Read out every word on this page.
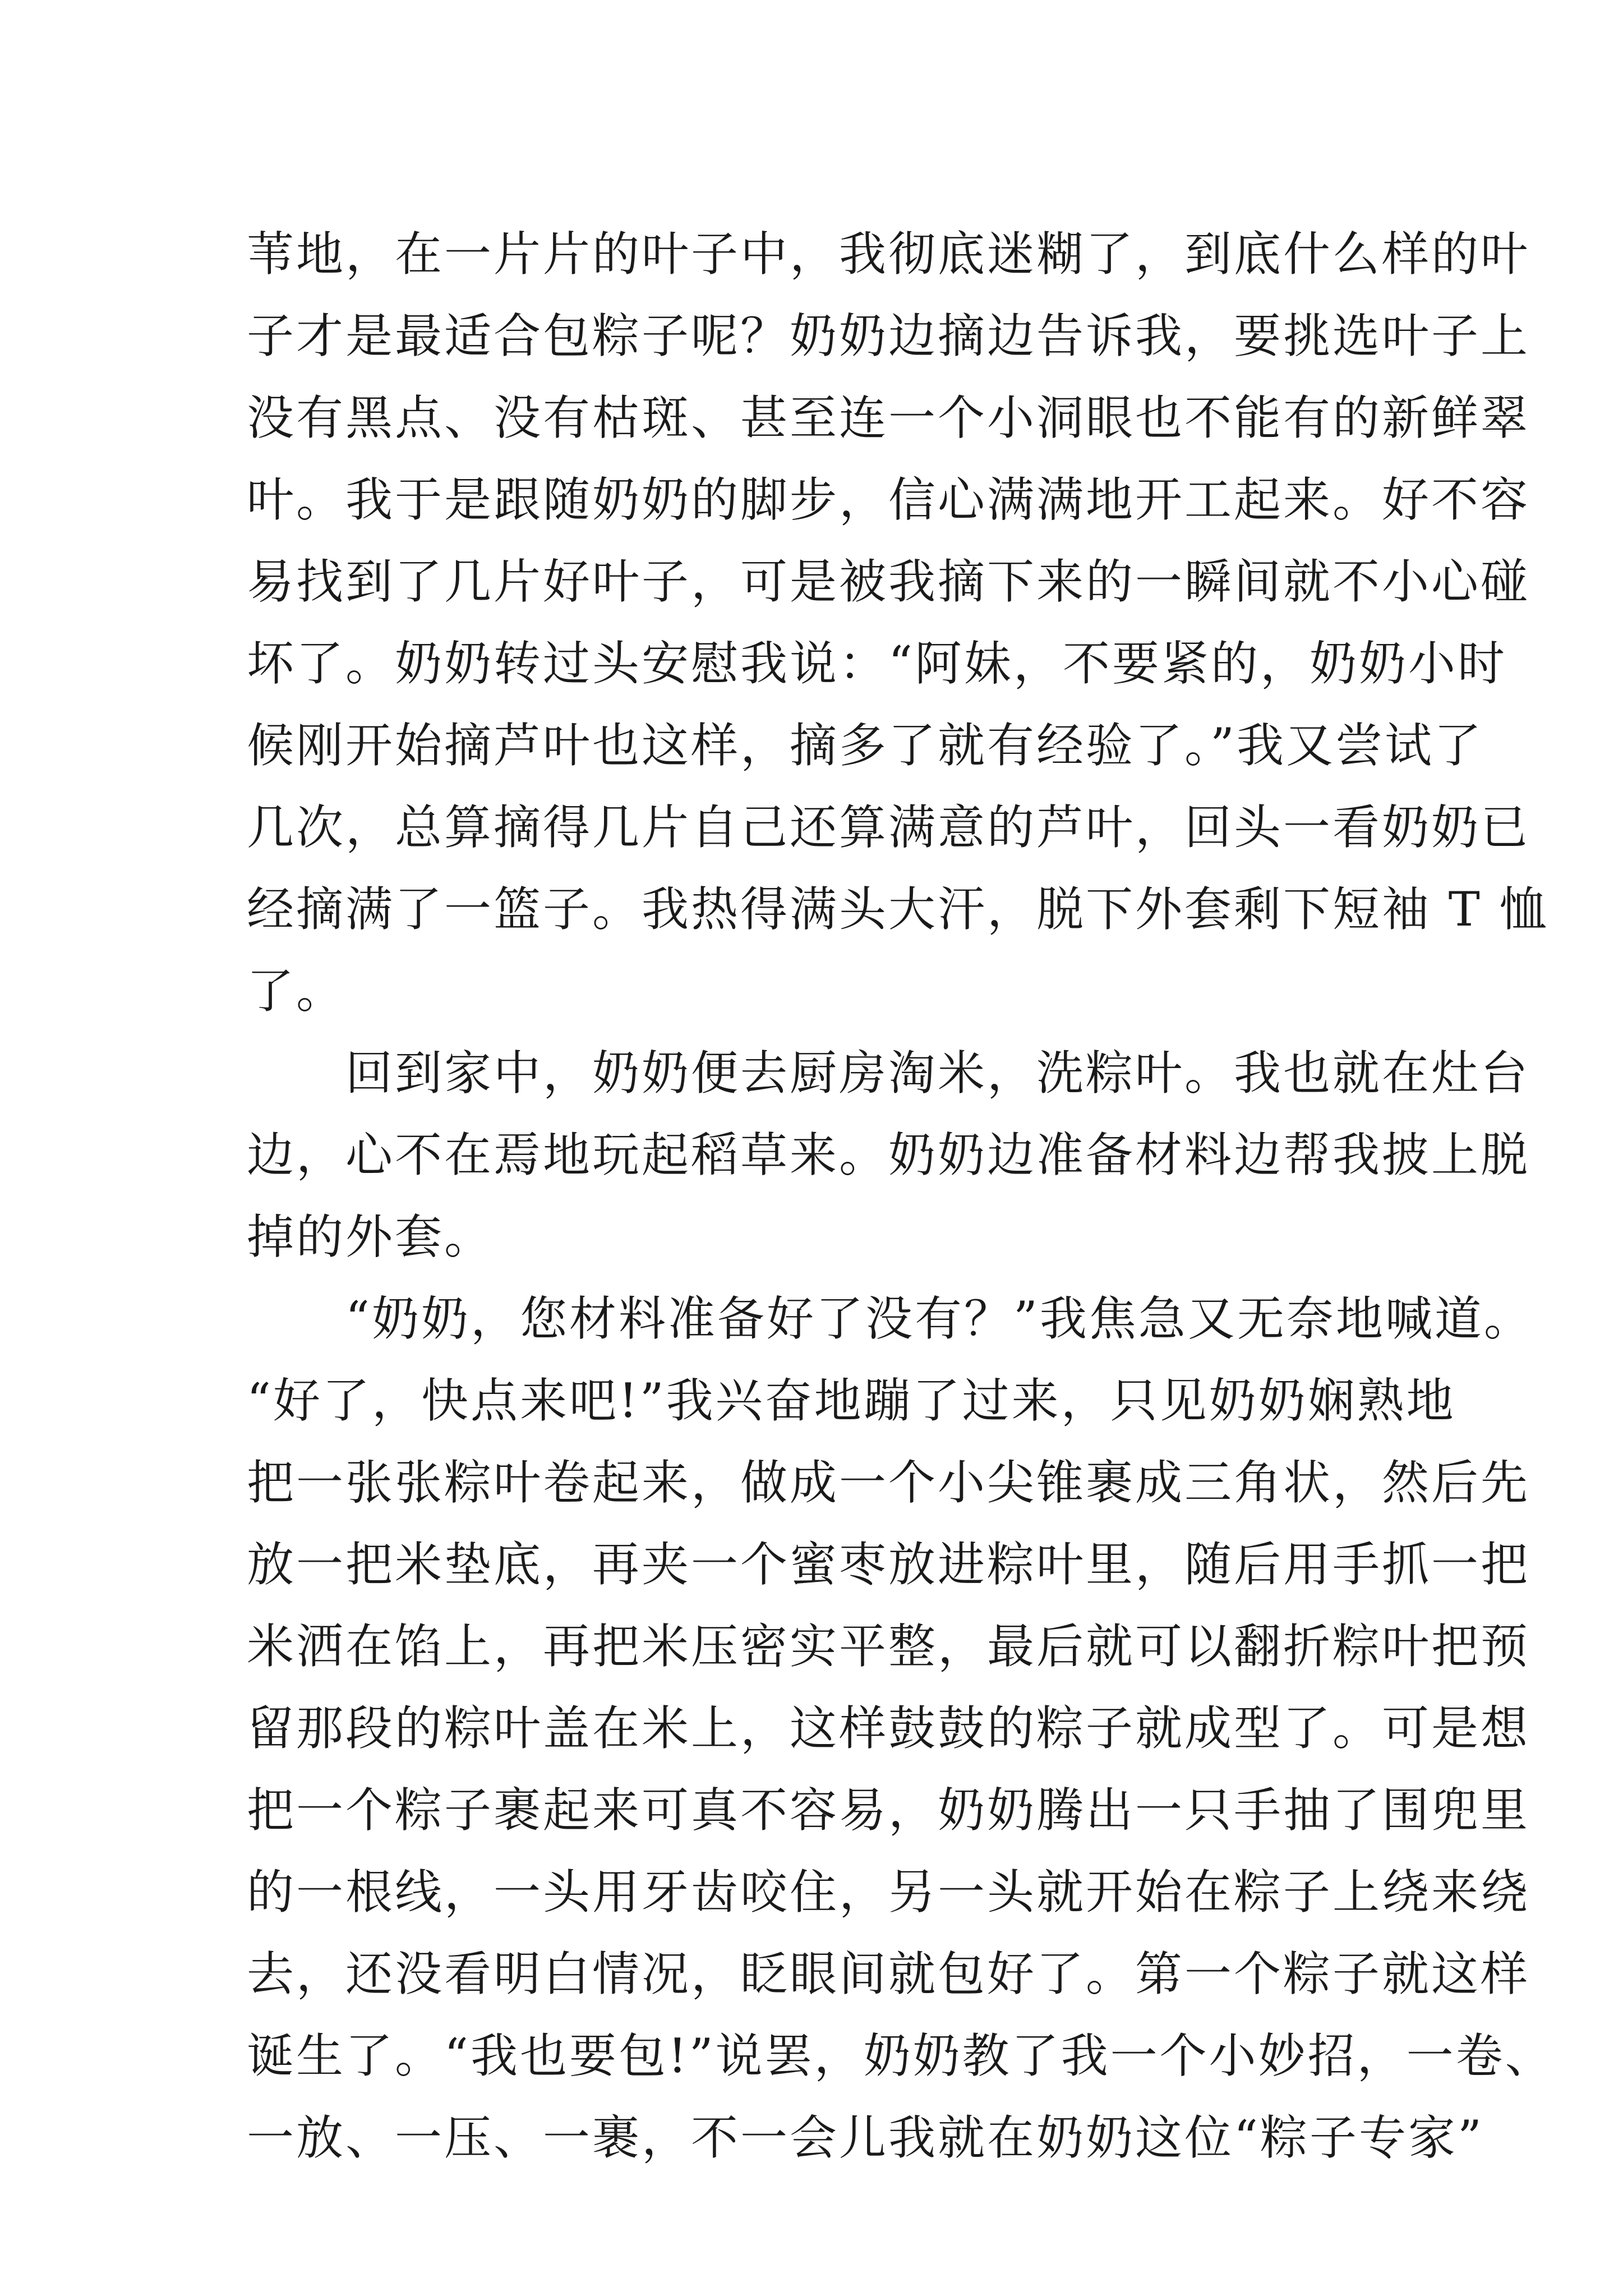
苇地，在一片片的叶子中，我彻底迷糊了，到底什么样的叶
子才是最适合包粽子呢？奶奶边摘边告诉我，要挑选叶子上
没有黑点、没有枯斑、甚至连一个小洞眼也不能有的新鲜翠
叶。我于是跟随奶奶的脚步，信心满满地开工起来。好不容
易找到了几片好叶子，可是被我摘下来的一瞬间就不小心碰
坏了。奶奶转过头安慰我说：“阿妹，不要紧的，奶奶小时
候刚开始摘芦叶也这样，摘多了就有经验了。”我又尝试了
几次，总算摘得几片自己还算满意的芦叶，回头一看奶奶已
经摘满了一篮子。我热得满头大汗，脱下外套剩下短袖 T 恤
了。
　　回到家中，奶奶便去厨房淘米，洗粽叶。我也就在灶台
边，心不在焉地玩起稻草来。奶奶边准备材料边帮我披上脱
掉的外套。
　　“奶奶，您材料准备好了没有？”我焦急又无奈地喊道。
“好了，快点来吧!”我兴奋地蹦了过来，只见奶奶娴熟地
把一张张粽叶卷起来，做成一个小尖锥裹成三角状，然后先
放一把米垫底，再夹一个蜜枣放进粽叶里，随后用手抓一把
米洒在馅上，再把米压密实平整，最后就可以翻折粽叶把预
留那段的粽叶盖在米上，这样鼓鼓的粽子就成型了。可是想
把一个粽子裹起来可真不容易，奶奶腾出一只手抽了围兜里
的一根线，一头用牙齿咬住，另一头就开始在粽子上绕来绕
去，还没看明白情况，眨眼间就包好了。第一个粽子就这样
诞生了。“我也要包!”说罢，奶奶教了我一个小妙招，一卷、
一放、一压、一裹，不一会儿我就在奶奶这位“粽子专家”
